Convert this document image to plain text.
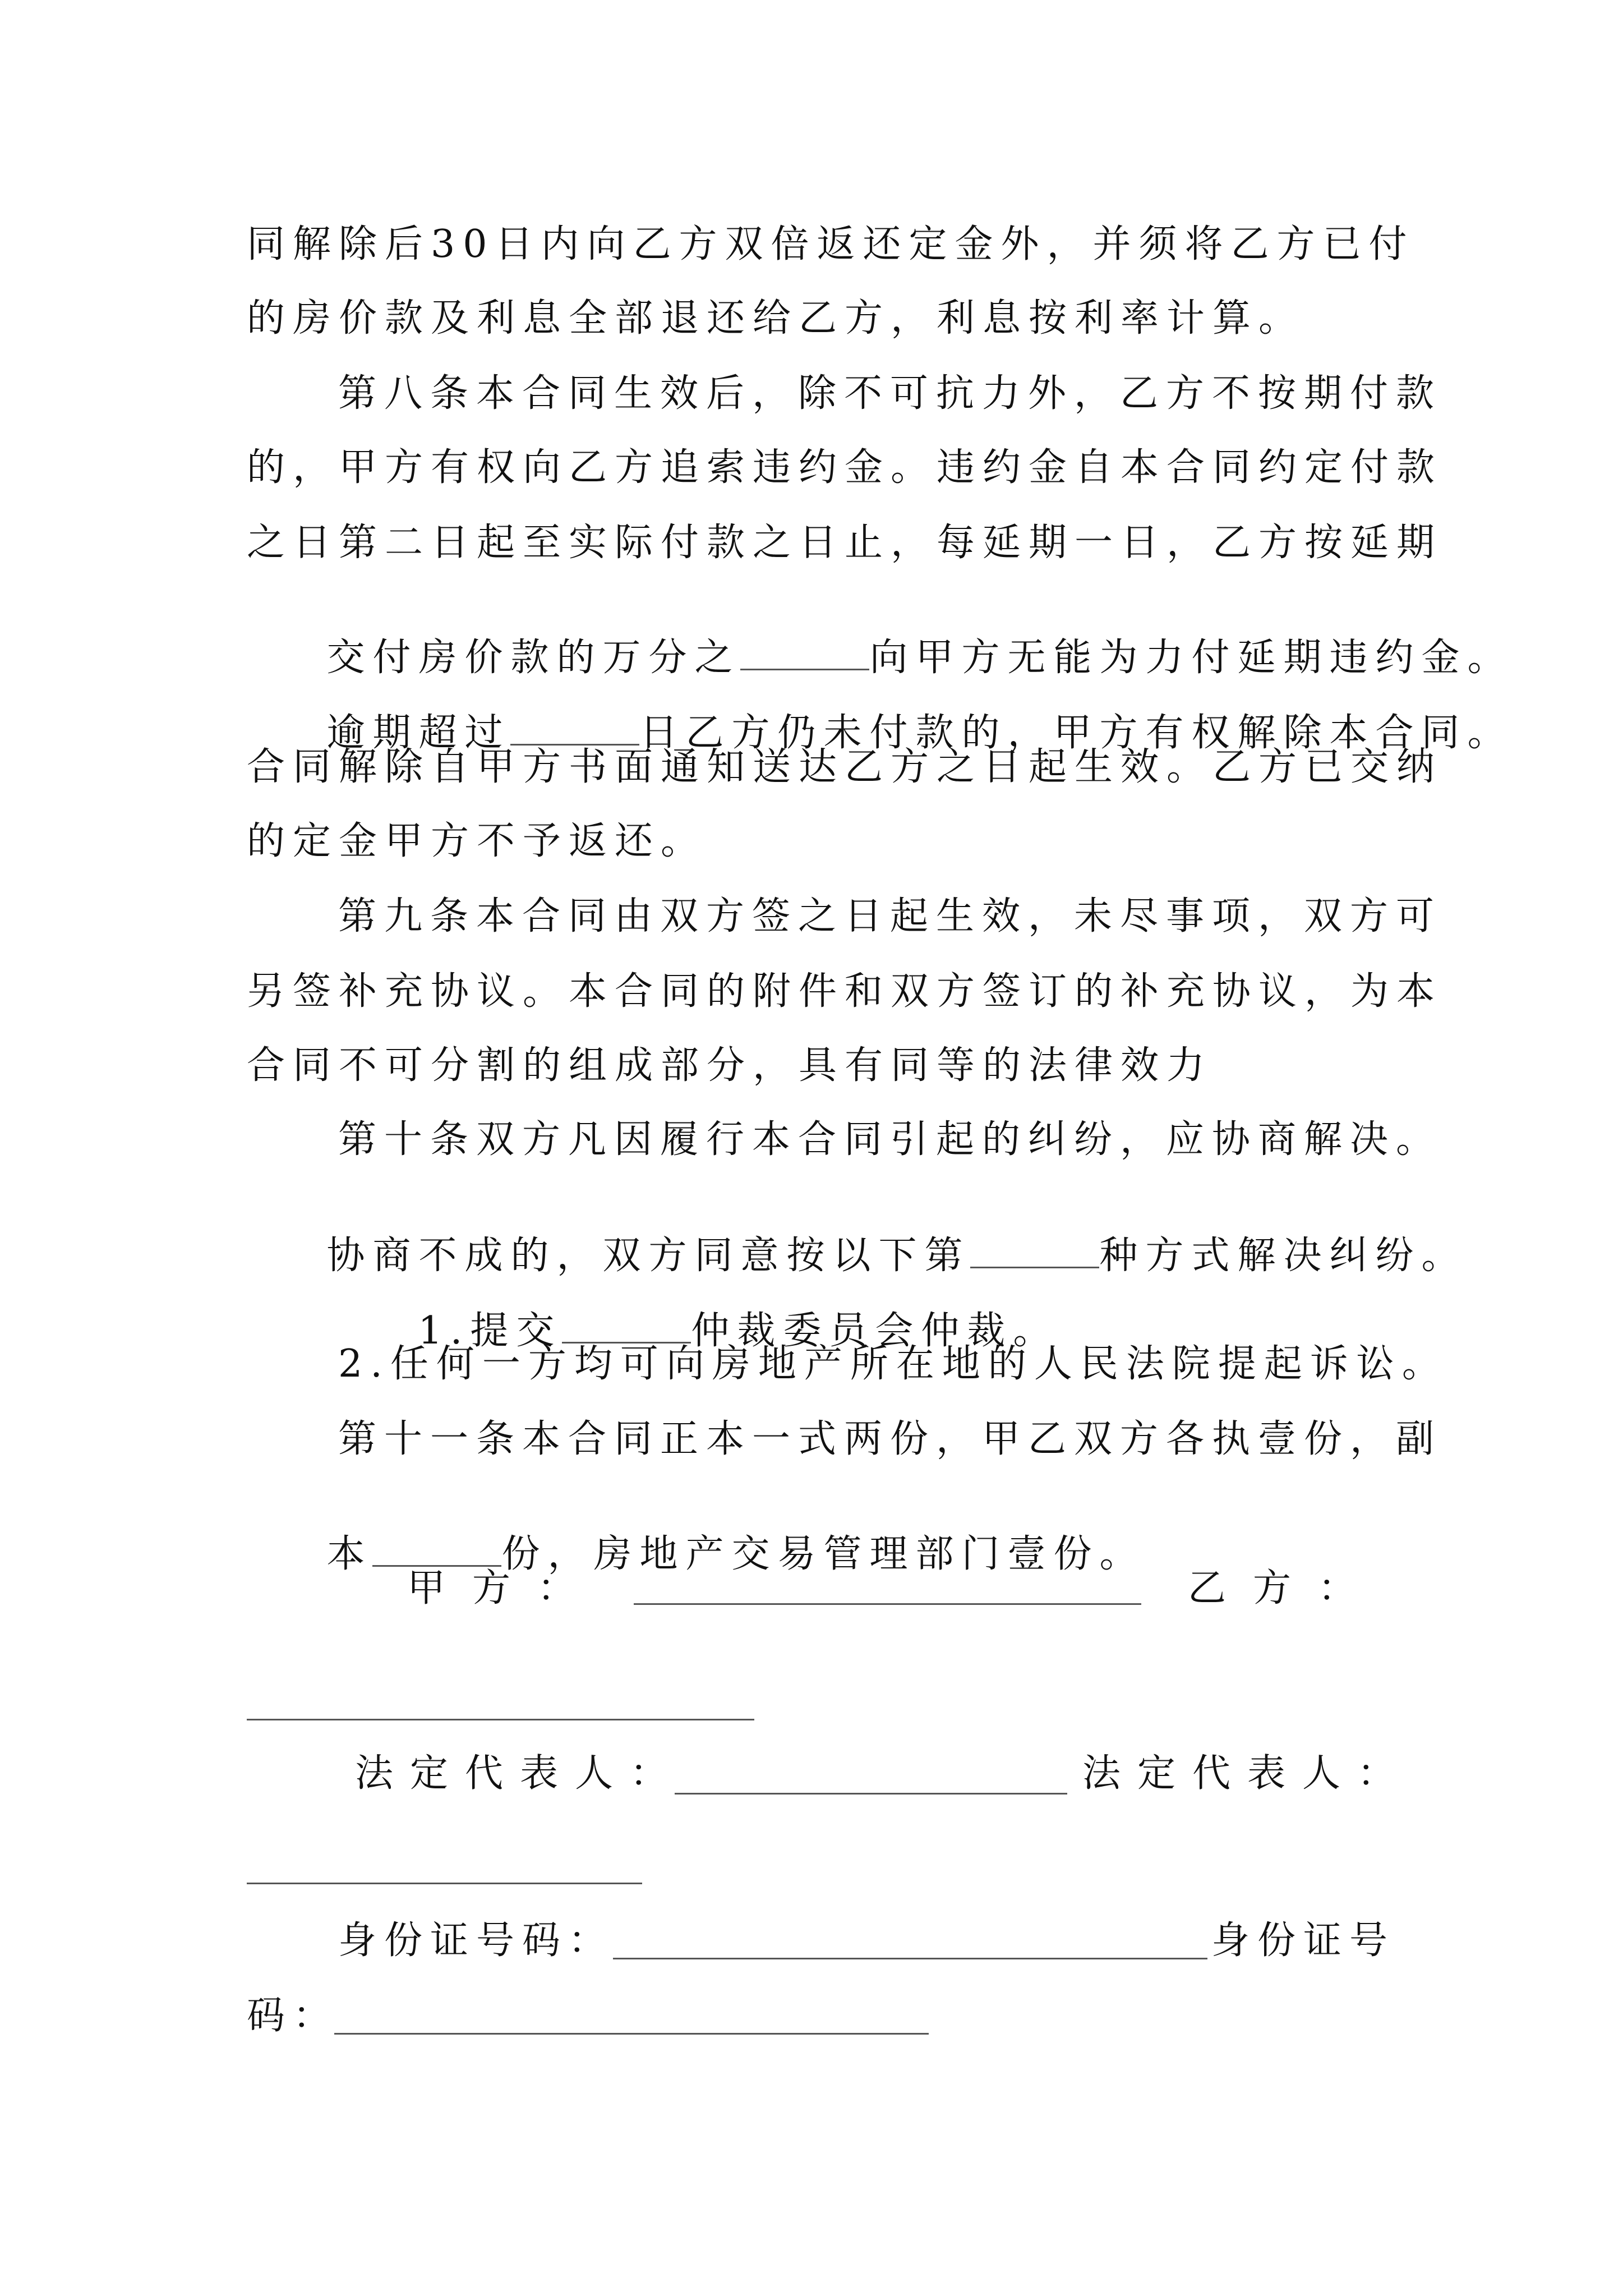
同解除后30日内向乙方双倍返还定金外，并须将乙方已付
的房价款及利息全部退还给乙方，利息按利率计算。
第八条本合同生效后，除不可抗力外，乙方不按期付款
的，甲方有权向乙方追索违约金。违约金自本合同约定付款
之日第二日起至实际付款之日止，每延期一日，乙方按延期

交付房价款的万分之	向甲方无能为力付延期违约金。

逾期超过	日乙方仍未付款的，甲方有权解除本合同。

合同解除自甲方书面通知送达乙方之日起生效。乙方已交纳
的定金甲方不予返还。
第九条本合同由双方签之日起生效，未尽事项，双方可
另签补充协议。本合同的附件和双方签订的补充协议，为本
合同不可分割的组成部分，具有同等的法律效力
第十条双方凡因履行本合同引起的纠纷，应协商解决。

协商不成的，双方同意按以下第	种方式解决纠纷。

1.提交	仲裁委员会仲裁。

2.任何一方均可向房地产所在地的人民法院提起诉讼。
第十一条本合同正本一式两份，甲乙双方各执壹份，副

本	份，房地产交易管理部门壹份。

甲方：	乙方：
法定代表人：	法定代表人：
身份证号码：	身份证号
码：
